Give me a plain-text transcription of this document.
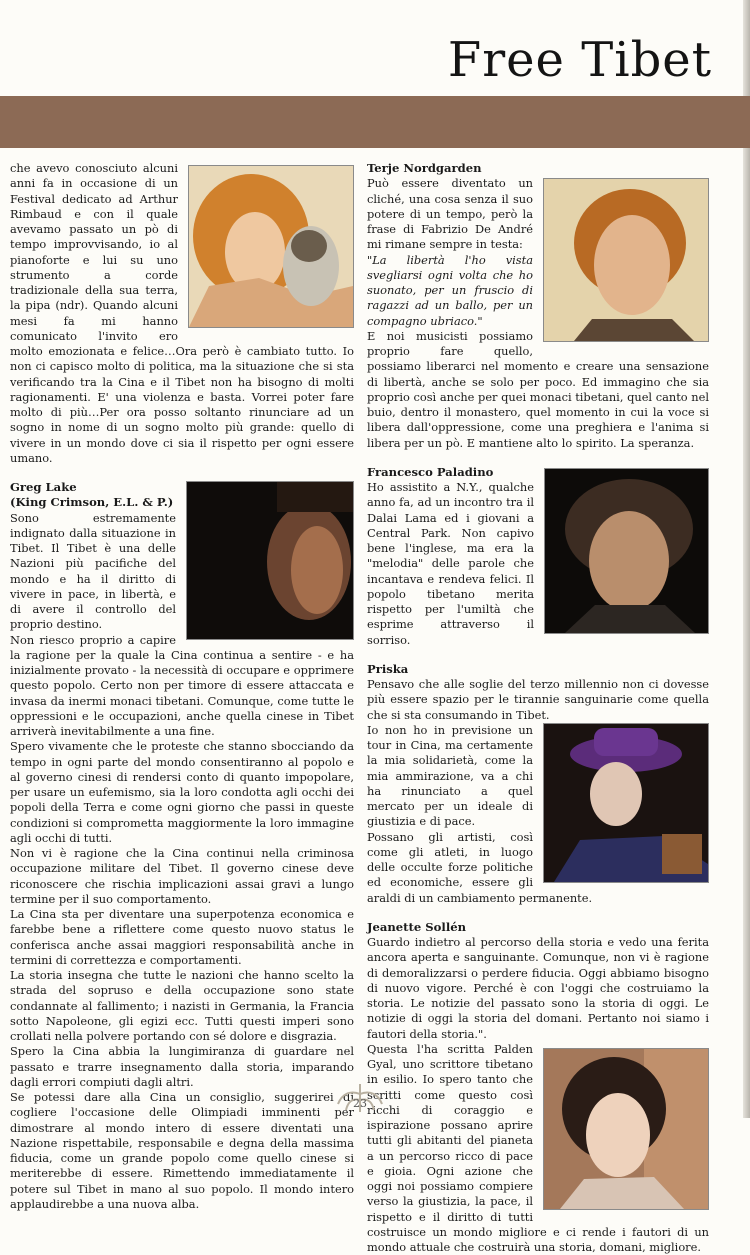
Free Tibet

che avevo conosciuto alcuni anni fa in occasione di un Festival dedicato ad Arthur Rimbaud e con il quale avevamo passato un pò di tempo improvvisando, io al pianoforte e lui su uno strumento a corde tradizionale della sua terra, la pipa (ndr). Quando alcuni mesi fa mi hanno comunicato l'invito ero molto emozionata e felice…Ora però è cambiato tutto. Io non ci capisco molto di politica, ma la situazione che si sta verificando tra la Cina e il Tibet non ha bisogno di molti ragionamenti. E' una violenza e basta. Vorrei poter fare molto di più…Per ora posso soltanto rinunciare ad un sogno in nome di un sogno molto più grande: quello di vivere in un mondo dove ci sia il rispetto per ogni essere umano.

Greg Lake

(King Crimson, E.L. & P.)

Sono estremamente indignato dalla situazione in Tibet. Il Tibet è una delle Nazioni più pacifiche del mondo e ha il diritto di vivere in pace, in libertà, e di avere il controllo del proprio destino.

Non riesco proprio a capire la ragione per la quale la Cina continua a sentire - e ha inizialmente provato - la necessità di occupare e opprimere questo popolo. Certo non per timore di essere attaccata e invasa da inermi monaci tibetani. Comunque, come tutte le oppressioni e le occupazioni, anche quella cinese in Tibet arriverà inevitabilmente a una fine.

Spero vivamente che le proteste che stanno sbocciando da tempo in ogni parte del mondo consentiranno al popolo e al governo cinesi di rendersi conto di quanto impopolare, per usare un eufemismo, sia la loro condotta agli occhi dei popoli della Terra e come ogni giorno che passi in queste condizioni si compromettа maggiormente la loro immagine agli occhi di tutti.

Non vi è ragione che la Cina continui nella criminosa occupazione militare del Tibet. Il governo cinese deve riconoscere che rischia implicazioni assai gravi a lungo termine per il suo comportamento.

La Cina sta per diventare una superpotenza economica e farebbe bene a riflettere come questo nuovo status le conferisca anche assai maggiori responsabilità anche in termini di correttezza e comportamenti.

La storia insegna che tutte le nazioni che hanno scelto la strada del sopruso e della occupazione sono state condannate al fallimento; i nazisti in Germania, la Francia sotto Napoleone, gli egizi ecc. Tutti questi imperi sono crollati nella polvere portando con sé dolore e disgrazia.

Spero la Cina abbia la lungimiranza di guardare nel passato e trarre insegnamento dalla storia, imparando dagli errori compiuti dagli altri.

Se potessi dare alla Cina un consiglio, suggerirei di cogliere l'occasione delle Olimpiadi imminenti per dimostrare al mondo intero di essere diventati una Nazione rispettabile, responsabile e degna della massima fiducia, come un grande popolo come quello cinese si meriterebbe di essere. Rimettendo immediatamente il potere sul Tibet in mano al suo popolo. Il mondo intero applaudirebbe a una nuova alba.

Terje Nordgarden

Può essere diventato un cliché, una cosa senza il suo potere di un tempo, però la frase di Fabrizio De André mi rimane sempre in testa:

"La libertà l'ho vista svegliarsi ogni volta che ho suonato, per un fruscio di ragazzi ad un ballo, per un compagno ubriaco."

E noi musicisti possiamo proprio fare quello, possiamo liberarci nel momento e creare una sensazione di libertà, anche se solo per poco. Ed immagino che sia proprio così anche per quei monaci tibetani, quel canto nel buio, dentro il monastero, quel momento in cui la voce si libera dall'oppressione, come una preghiera e l'anima si libera per un pò. E mantiene alto lo spirito. La speranza.

Francesco Paladino

Ho assistito a N.Y., qualche anno fa, ad un incontro tra il Dalai Lama ed i giovani a Central Park. Non capivo bene l'inglese, ma era la "melodia" delle parole che incantava e rendeva felici. Il popolo tibetano merita rispetto per l'umiltà che esprime attraverso il sorriso.

Priska

Pensavo che alle soglie del terzo millennio non ci dovesse più essere spazio per le tirannie sanguinarie come quella che si sta consumando in Tibet.

Io non ho in previsione un tour in Cina, ma certamente la mia solidarietà, come la mia ammirazione, va a chi ha rinunciato a quel mercato per un ideale di giustizia e di pace.

Possano gli artisti, così come gli atleti, in luogo delle occulte forze politiche ed economiche, essere gli araldi di un cambiamento permanente.

Jeanette Sollén

Guardo indietro al percorso della storia e vedo una ferita ancora aperta e sanguinante. Comunque, non vi è ragione di demoralizzarsi o perdere fiducia. Oggi abbiamo bisogno di nuovo vigore. Perché è con l'oggi che costruiamo la storia. Le notizie del passato sono la storia di oggi. Le notizie di oggi la storia del domani. Pertanto noi siamo i fautori della storia.".

Questa l'ha scritta Palden Gyal, uno scrittore tibetano in esilio. Io spero tanto che scritti come questo così ricchi di coraggio e ispirazione possano aprire tutti gli abitanti del pianeta a un percorso ricco di pace e gioia. Ogni azione che oggi noi possiamo compiere verso la giustizia, la pace, il rispetto e il diritto di tutti costruisce un mondo migliore e ci rende i fautori di un mondo attuale che costruirà una storia, domani, migliore.

23
